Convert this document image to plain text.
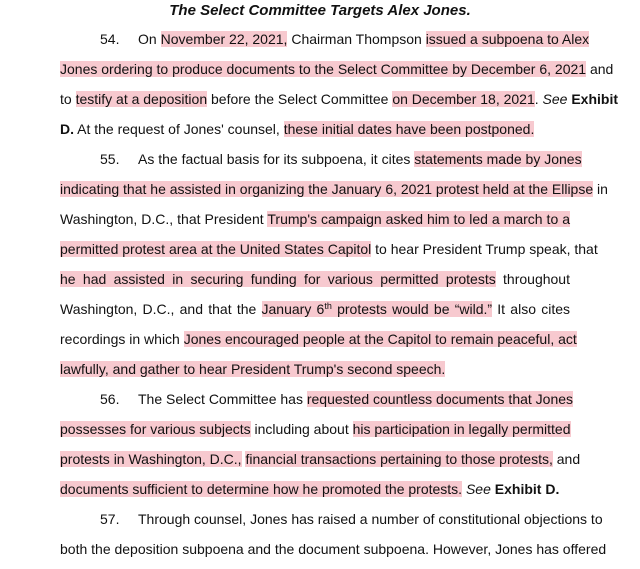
The Select Committee Targets Alex Jones.
54. On November 22, 2021, Chairman Thompson issued a subpoena to Alex
Jones ordering to produce documents to the Select Committee by December 6, 2021 and
to testify at a deposition before the Select Committee on December 18, 2021. See Exhibit
D. At the request of Jones' counsel, these initial dates have been postponed.
55. As the factual basis for its subpoena, it cites statements made by Jones
indicating that he assisted in organizing the January 6, 2021 protest held at the Ellipse in
Washington, D.C., that President Trump's campaign asked him to led a march to a
permitted protest area at the United States Capitol to hear President Trump speak, that
he had assisted in securing funding for various permitted protests throughout
Washington, D.C., and that the January 6th protests would be “wild.” It also cites
recordings in which Jones encouraged people at the Capitol to remain peaceful, act
lawfully, and gather to hear President Trump's second speech.
56. The Select Committee has requested countless documents that Jones
possesses for various subjects including about his participation in legally permitted
protests in Washington, D.C., financial transactions pertaining to those protests, and
documents sufficient to determine how he promoted the protests. See Exhibit D.
57. Through counsel, Jones has raised a number of constitutional objections to
both the deposition subpoena and the document subpoena. However, Jones has offered
